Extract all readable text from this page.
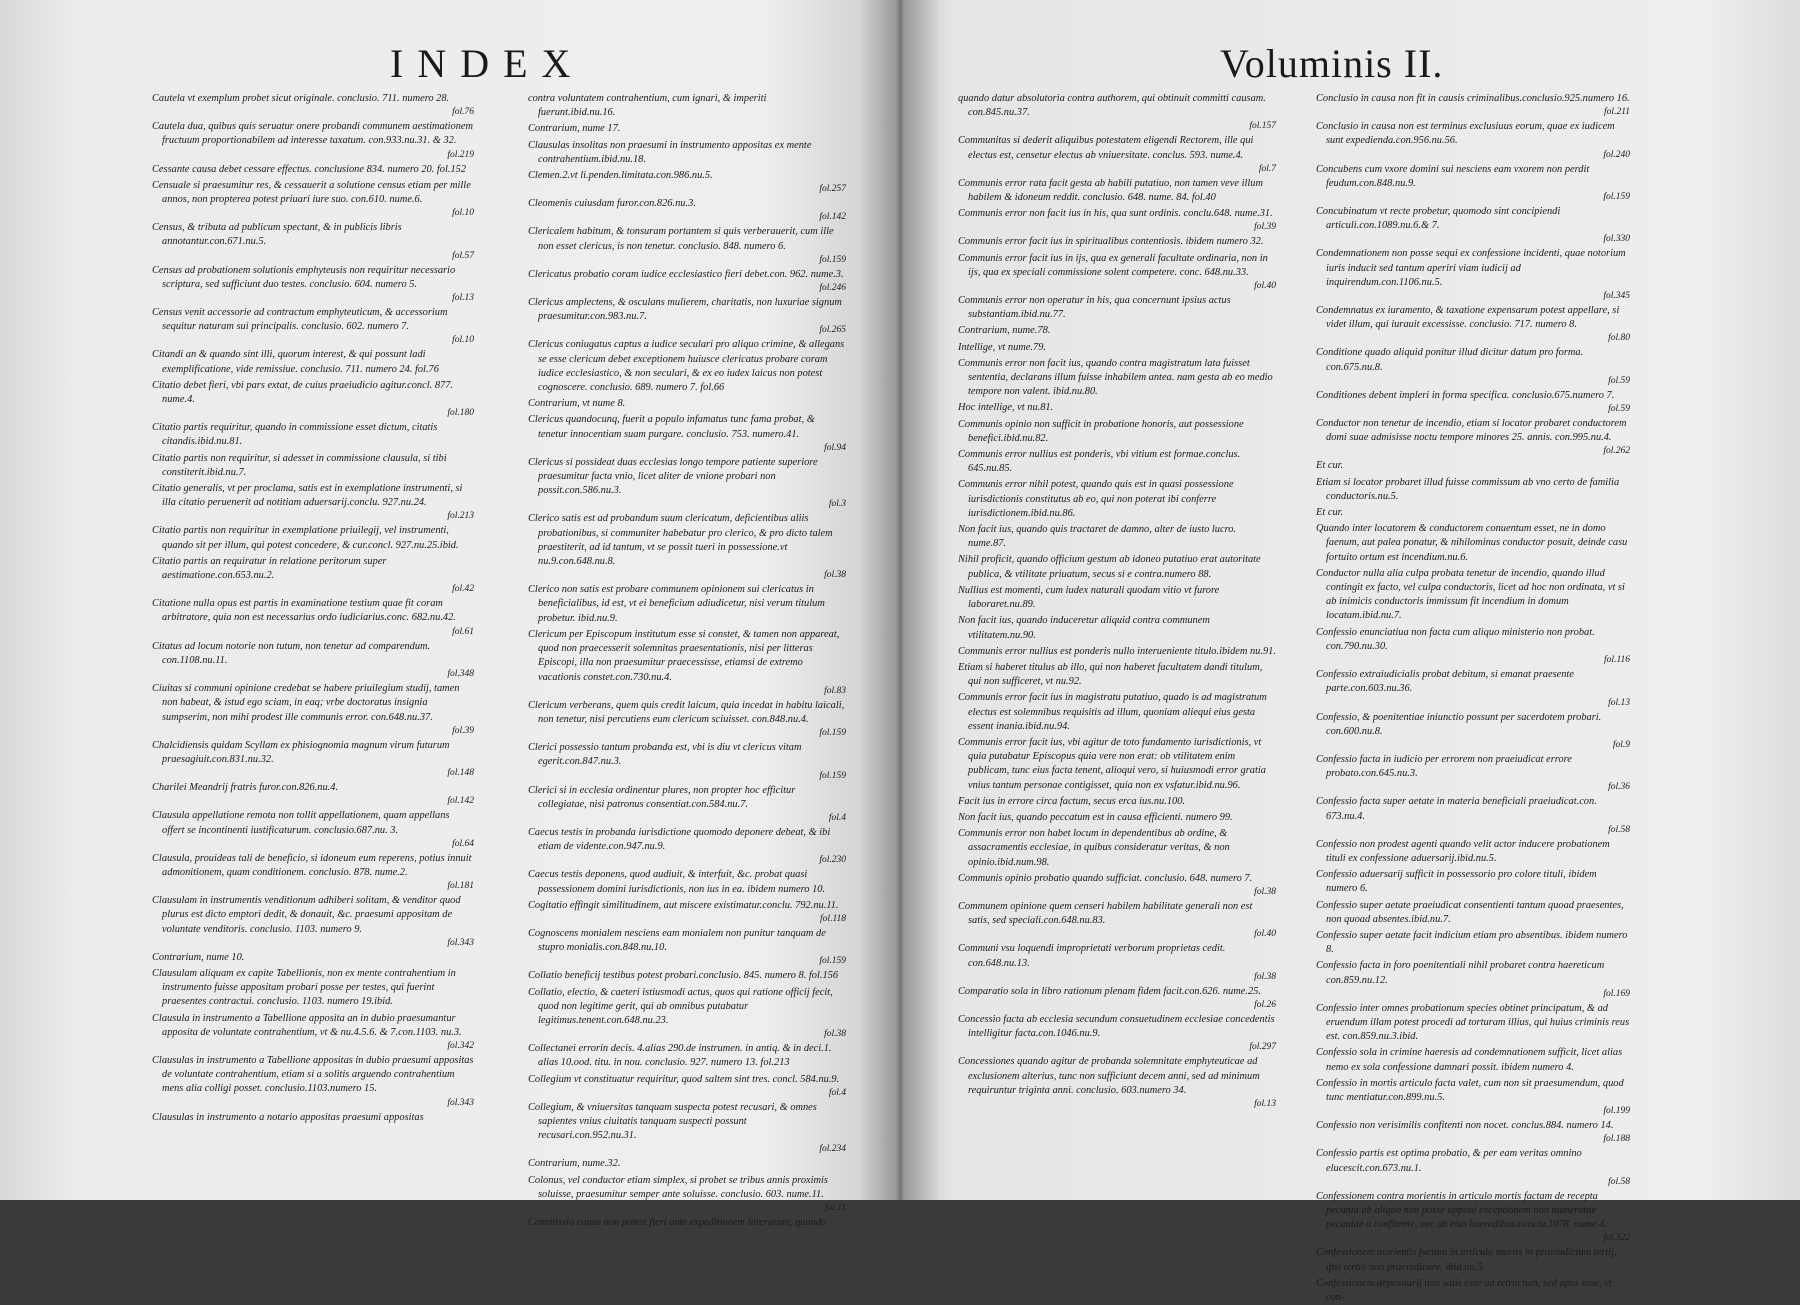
INDEX
Cautela vt exemplum probet sicut originale. conclusio. 711. numero 28.
fol.76
Cautela dua, quibus quis seruatur onere probandi communem aestimationem fructuum proportionabilem ad interesse taxatum. con.933.nu.31. & 32.
fol.219
Cessante causa debet cessare effectus. conclusione 834. numero 20. fol.152
Censuale si praesumitur res, & cessauerit a solutione census etiam per mille annos, non propterea potest priuari iure suo. con.610. nume.6.
fol.10
Census, & tributa ad publicum spectant, & in publicis libris annotantur.con.671.nu.5.
fol.57
Census ad probationem solutionis emphyteusis non requiritur necessario scriptura, sed sufficiunt duo testes. conclusio. 604. numero 5.
fol.13
Census venit accessorie ad contractum emphyteuticum, & accessorium sequitur naturam sui principalis. conclusio. 602. numero 7.
fol.10
Citandi an & quando sint illi, quorum interest, & qui possunt ladi exemplificatione, vide remissiue. conclusio. 711. numero 24. fol.76
Citatio debet fieri, vbi pars extat, de cuius praeiudicio agitur.concl. 877. nume.4.
fol.180
Citatio partis requiritur, quando in commissione esset dictum, citatis citandis.ibid.nu.81.
Citatio partis non requiritur, si adesset in commissione clausula, si tibi constiterit.ibid.nu.7.
Citatio generalis, vt per proclama, satis est in exemplatione instrumenti, si illa citatio peruenerit ad notitiam aduersarij.conclu. 927.nu.24.
fol.213
Citatio partis non requiritur in exemplatione priuilegij, vel instrumenti, quando sit per illum, qui potest concedere, & cur.concl. 927.nu.25.ibid.
Citatio partis an requiratur in relatione peritorum super aestimatione.con.653.nu.2.
fol.42
Citatione nulla opus est partis in examinatione testium quae fit coram arbitratore, quia non est necessarius ordo iudiciarius.conc. 682.nu.42.
fol.61
Citatus ad locum notorie non tutum, non tenetur ad comparendum. con.1108.nu.11.
fol.348
Ciuitas si communi opinione credebat se habere priuilegium studij, tamen non habeat, & istud ego sciam, in eaq; vrbe doctoratus insignia sumpserim, non mihi prodest ille communis error. con.648.nu.37.
fol.39
Chalcidiensis quidam Scyllam ex phisiognomia magnum virum futurum praesagiuit.con.831.nu.32.
fol.148
Charilei Meandrij fratris furor.con.826.nu.4.
fol.142
Clausula appellatione remota non tollit appellationem, quam appellans offert se incontinenti iustificaturum. conclusio.687.nu. 3.
fol.64
Clausula, prouideas tali de beneficio, si idoneum eum reperens, potius innuit admonitionem, quam conditionem. conclusio. 878. nume.2.
fol.181
Clausulam in instrumentis venditionum adhiberi solitam, & venditor quod plurus est dicto emptori dedit, & donauit, &c. praesumi appositam de voluntate venditoris. conclusio. 1103. numero 9.
fol.343
Contrarium, nume 10.
Clausulam aliquam ex capite Tabellionis, non ex mente contrahentium in instrumento fuisse appositam probari posse per testes, qui fuerint praesentes contractui. conclusio. 1103. numero 19.ibid.
Clausula in instrumento a Tabellione apposita an in dubio praesumantur apposita de voluntate contrahentium, vt & nu.4.5.6. & 7.con.1103. nu.3.
fol.342
Clausulas in instrumento a Tabellione appositas in dubio praesumi appositas de voluntate contrahentium, etiam si a solitis arguendo contrahentium mens alia colligi posset. conclusio.1103.numero 15.
fol.343
Clausulas in instrumento a notario appositas praesumi appositas
contra voluntatem contrahentium, cum ignari, & imperiti fuerunt.ibid.nu.16.
Contrarium, nume 17.
Clausulas insolitas non praesumi in instrumento appositas ex mente contrahentium.ibid.nu.18.
Clemen.2.vt li.penden.limitata.con.986.nu.5.
fol.257
Cleomenis cuiusdam furor.con.826.nu.3.
fol.142
Clericalem habitum, & tonsuram portantem si quis verberauerit, cum ille non esset clericus, is non tenetur. conclusio. 848. numero 6.
fol.159
Clericatus probatio coram iudice ecclesiastico fieri debet.con. 962. nume.3.
fol.246
Clericus amplectens, & osculans mulierem, charitatis, non luxuriae signum praesumitur.con.983.nu.7.
fol.265
Clericus coniugatus captus a iudice seculari pro aliquo crimine, & allegans se esse clericum debet exceptionem huiusce clericatus probare coram iudice ecclesiastico, & non seculari, & ex eo iudex laicus non potest cognoscere. conclusio. 689. numero 7. fol.66
Contrarium, vt nume 8.
Clericus quandocunq, fuerit a populo infamatus tunc fama probat, & tenetur innocentiam suam purgare. conclusio. 753. numero.41.
fol.94
Clericus si possideat duas ecclesias longo tempore patiente superiore praesumitur facta vnio, licet aliter de vnione probari non possit.con.586.nu.3.
fol.3
Clerico satis est ad probandum suum clericatum, deficientibus aliis probationibus, si communiter habebatur pro clerico, & pro dicto talem praestiterit, ad id tantum, vt se possit tueri in possessione.vt nu.9.con.648.nu.8.
fol.38
Clerico non satis est probare communem opinionem sui clericatus in beneficialibus, id est, vt ei beneficium adiudicetur, nisi verum titulum probetur. ibid.nu.9.
Clericum per Episcopum institutum esse si constet, & tamen non appareat, quod non praecesserit solemnitas praesentationis, nisi per litteras Episcopi, illa non praesumitur praecessisse, etiamsi de extremo vacationis constet.con.730.nu.4.
fol.83
Clericum verberans, quem quis credit laicum, quia incedat in habitu laicali, non tenetur, nisi percutiens eum clericum sciuisset. con.848.nu.4.
fol.159
Clerici possessio tantum probanda est, vbi is diu vt clericus vitam egerit.con.847.nu.3.
fol.159
Clerici si in ecclesia ordinentur plures, non propter hoc efficitur collegiatae, nisi patronus consentiat.con.584.nu.7.
fol.4
Caecus testis in probanda iurisdictione quomodo deponere debeat, & ibi etiam de vidente.con.947.nu.9.
fol.230
Caecus testis deponens, quod audiuit, & interfuit, &c. probat quasi possessionem domini iurisdictionis, non ius in ea. ibidem numero 10.
Cogitatio effingit similitudinem, aut miscere existimatur.conclu. 792.nu.11.
fol.118
Cognoscens monialem nesciens eam monialem non punitur tanquam de stupro monialis.con.848.nu.10.
fol.159
Collatio beneficij testibus potest probari.conclusio. 845. numero 8. fol.156
Collatio, electio, & caeteri istiusmodi actus, quos qui ratione officij fecit, quod non legitime gerit, qui ab omnibus putabatur legitimus.tenent.con.648.nu.23.
fol.38
Collectanei errorin decis. 4.alias 290.de instrumen. in antiq. & in deci.1. alias 10.ood. titu. in nou. conclusio. 927. numero 13. fol.213
Collegium vt constituatur requiritur, quod saltem sint tres. concl. 584.nu.9.
fol.4
Collegium, & vniuersitas tanquam suspecta potest recusari, & omnes sapientes vnius ciuitatis tanquam suspecti possunt recusari.con.952.nu.31.
fol.234
Contrarium, nume.32.
Colonus, vel conductor etiam simplex, si probet se tribus annis proximis soluisse, praesumitur semper ante soluisse. conclusio. 603. nume.11.
fol.11
Commissio causa non potest fieri ante expeditionem litterarum, quando
Voluminis II.
quando datur absolutoria contra authorem, qui obtinuit committi causam. con.845.nu.37.
fol.157
Communitas si dederit aliquibus potestatem eligendi Rectorem, ille qui electus est, censetur electus ab vniuersitate. conclus. 593. nume.4.
fol.7
Communis error rata facit gesta ab habili putatiuo, non tamen veve illum habilem & idoneum reddit. conclusio. 648. nume. 84. fol.40
Communis error non facit ius in his, qua sunt ordinis. conclu.648. nume.31.
fol.39
Communis error facit ius in spiritualibus contentiosis. ibidem numero 32.
Communis error facit ius in ijs, qua ex generali facultate ordinaria, non in ijs, qua ex speciali commissione solent competere. conc. 648.nu.33.
fol.40
Communis error non operatur in his, qua concernunt ipsius actus substantiam.ibid.nu.77.
Contrarium, nume.78.
Intellige, vt nume.79.
Communis error non facit ius, quando contra magistratum lata fuisset sententia, declarans illum fuisse inhabilem antea. nam gesta ab eo medio tempore non valent. ibid.nu.80.
Hoc intellige, vt nu.81.
Communis opinio non sufficit in probatione honoris, aut possessione benefici.ibid.nu.82.
Communis error nullius est ponderis, vbi vitium est formae.conclus. 645.nu.85.
Communis error nihil potest, quando quis est in quasi possessione iurisdictionis constitutus ab eo, qui non poterat ibi conferre iurisdictionem.ibid.nu.86.
Non facit ius, quando quis tractaret de damno, alter de iusto lucro. nume.87.
Nihil proficit, quando officium gestum ab idoneo putatiuo erat autoritate publica, & vtilitate priuatum, secus si e contra.numero 88.
Nullius est momenti, cum iudex naturali quodam vitio vt furore laboraret.nu.89.
Non facit ius, quando induceretur aliquid contra communem vtilitatem.nu.90.
Communis error nullius est ponderis nullo interueniente titulo.ibidem nu.91.
Etiam si haberet titulus ab illo, qui non haberet facultatem dandi titulum, qui non sufficeret, vt nu.92.
Communis error facit ius in magistratu putatiuo, quado is ad magistratum electus est solemnibus requisitis ad illum, quoniam aliequi eius gesta essent inania.ibid.nu.94.
Communis error facit ius, vbi agitur de toto fundamento iurisdictionis, vt quia putabatur Episcopus quia vere non erat: ob vtilitatem enim publicam, tunc eius facta tenent, alioqui vero, si huiusmodi error gratia vnius tantum personae contigisset, quia non ex vsfatur.ibid.nu.96.
Facit ius in errore circa factum, secus erca ius.nu.100.
Non facit ius, quando peccatum est in causa efficienti. numero 99.
Communis error non habet locum in dependentibus ab ordine, & assacramentis ecclesiae, in quibus consideratur veritas, & non opinio.ibid.num.98.
Communis opinio probatio quando sufficiat. conclusio. 648. numero 7.
fol.38
Communem opinione quem censeri habilem habilitate generali non est satis, sed speciali.con.648.nu.83.
fol.40
Communi vsu loquendi improprietati verborum proprietas cedit. con.648.nu.13.
fol.38
Comparatio sola in libro rationum plenam fidem facit.con.626. nume.25.
fol.26
Concessio facta ab ecclesia secundum consuetudinem ecclesiae concedentis intelligitur facta.con.1046.nu.9.
fol.297
Concessiones quando agitur de probanda solemnitate emphyteuticae ad exclusionem alterius, tunc non sufficiunt decem anni, sed ad minimum requiruntur triginta anni. conclusio. 603.numero 34.
fol.13
Conclusio in causa non fit in causis criminalibus.conclusio.925.numero 16.
fol.211
Conclusio in causa non est terminus exclusiuus eorum, quae ex iudicem sunt expedienda.con.956.nu.56.
fol.240
Concubens cum vxore domini sui nesciens eam vxorem non perdit feudum.con.848.nu.9.
fol.159
Concubinatum vt recte probetur, quomodo sint concipiendi articuli.con.1089.nu.6.& 7.
fol.330
Condemnationem non posse sequi ex confessione incidenti, quae notorium iuris inducit sed tantum aperiri viam iudicij ad inquirendum.con.1106.nu.5.
fol.345
Condemnatus ex iuramento, & taxatione expensarum potest appellare, si videt illum, qui iurauit excessisse. conclusio. 717. numero 8.
fol.80
Conditione quado aliquid ponitur illud dicitur datum pro forma. con.675.nu.8.
fol.59
Conditiones debent impleri in forma specifica. conclusio.675.numero 7.
fol.59
Conductor non tenetur de incendio, etiam si locator probaret conductorem domi suae admisisse noctu tempore minores 25. annis. con.995.nu.4.
fol.262
Et cur.
Etiam si locator probaret illud fuisse commissum ab vno certo de familia conductoris.nu.5.
Et cur.
Quando inter locatorem & conductorem conuentum esset, ne in domo faenum, aut palea ponatur, & nihilominus conductor posuit, deinde casu fortuito ortum est incendium.nu.6.
Conductor nulla alia culpa probata tenetur de incendio, quando illud contingit ex facto, vel culpa conductoris, licet ad hoc non ordinata, vt si ab inimicis conductoris immissum fit incendium in domum locatam.ibid.nu.7.
Confessio enunciatiua non facta cum aliquo ministerio non probat. con.790.nu.30.
fol.116
Confessio extraiudicialis probat debitum, si emanat praesente parte.con.603.nu.36.
fol.13
Confessio, & poenitentiae iniunctio possunt per sacerdotem probari. con.600.nu.8.
fol.9
Confessio facta in iudicio per errorem non praeiudicat errore probato.con.645.nu.3.
fol.36
Confessio facta super aetate in materia beneficiali praeiudicat.con. 673.nu.4.
fol.58
Confessio non prodest agenti quando velit actor inducere probationem tituli ex confessione aduersarij.ibid.nu.5.
Confessio aduersarij sufficit in possessorio pro colore tituli, ibidem numero 6.
Confessio super aetate praeiudicat consentienti tantum quoad praesentes, non quoad absentes.ibid.nu.7.
Confessio super aetate facit indicium etiam pro absentibus. ibidem numero 8.
Confessio facta in foro poenitentiali nihil probaret contra haereticum con.859.nu.12.
fol.169
Confessio inter omnes probationum species obtinet principatum, & ad eruendum illam potest procedi ad torturam illius, qui huius criminis reus est. con.859.nu.3.ibid.
Confessio sola in crimine haeresis ad condemnationem sufficit, licet alias nemo ex sola confessione damnari possit. ibidem numero 4.
Confessio in mortis articulo facta valet, cum non sit praesumendum, quod tunc mentiatur.con.899.nu.5.
fol.199
Confessio non verisimilis confitenti non nocet. conclus.884. numero 14.
fol.188
Confessio partis est optima probatio, & per eam veritas omnino elucescit.con.673.nu.1.
fol.58
Confessionem contra morientis in articulo mortis factam de recepta pecunia ab aliquo non posse opponi exceptionem non numeratae pecuniae a confitente, nec ab eius haeredibus.conclu.1078. nume.4.
fol.322
Confessionem morientis factam in articulo mortis in praeiudicium tertij, ipsi tertio non praeiudicare. ibid.nu.5.
Confessionem depositarij non satis esse ad retractum, sed opus esse, vt con-
